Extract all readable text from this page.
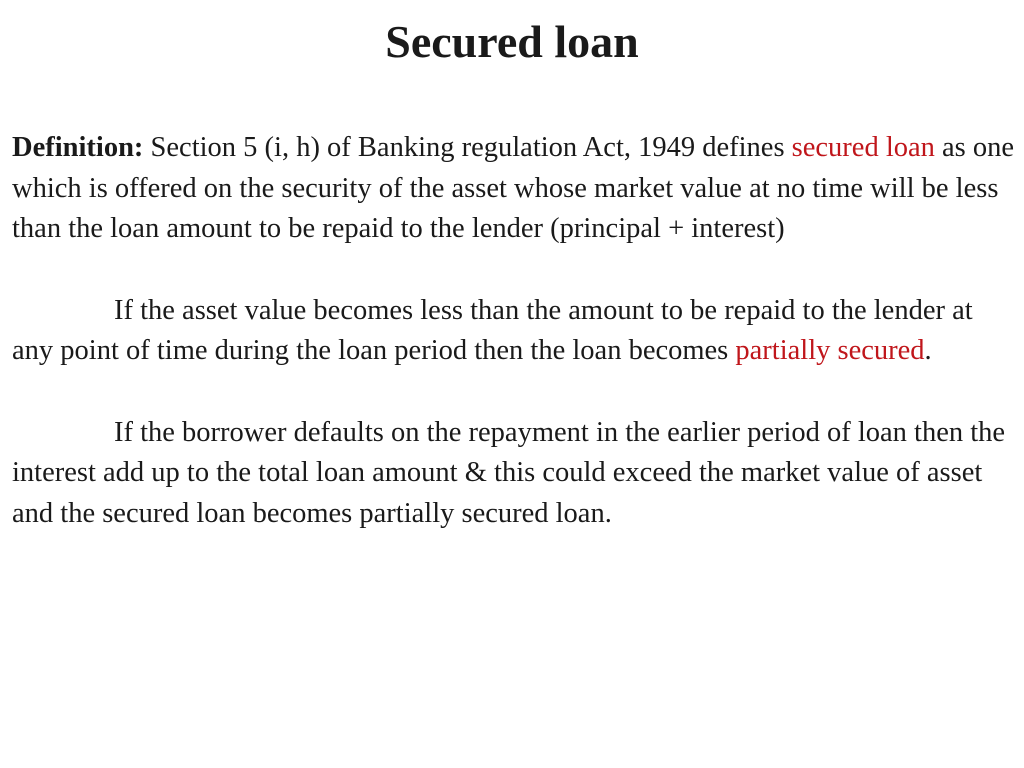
Secured loan

Definition: Section 5 (i, h) of Banking regulation Act, 1949 defines secured loan as one which is offered on the security of the asset whose market value at no time will be less than the loan amount to be repaid to the lender (principal + interest)

If the asset value becomes less than the amount to be repaid to the lender at any point of time during the loan period then the loan becomes partially secured.

If the borrower defaults on the repayment in the earlier period of loan then the interest add up to the total loan amount & this could exceed the market value of asset and the secured loan becomes partially secured loan.
